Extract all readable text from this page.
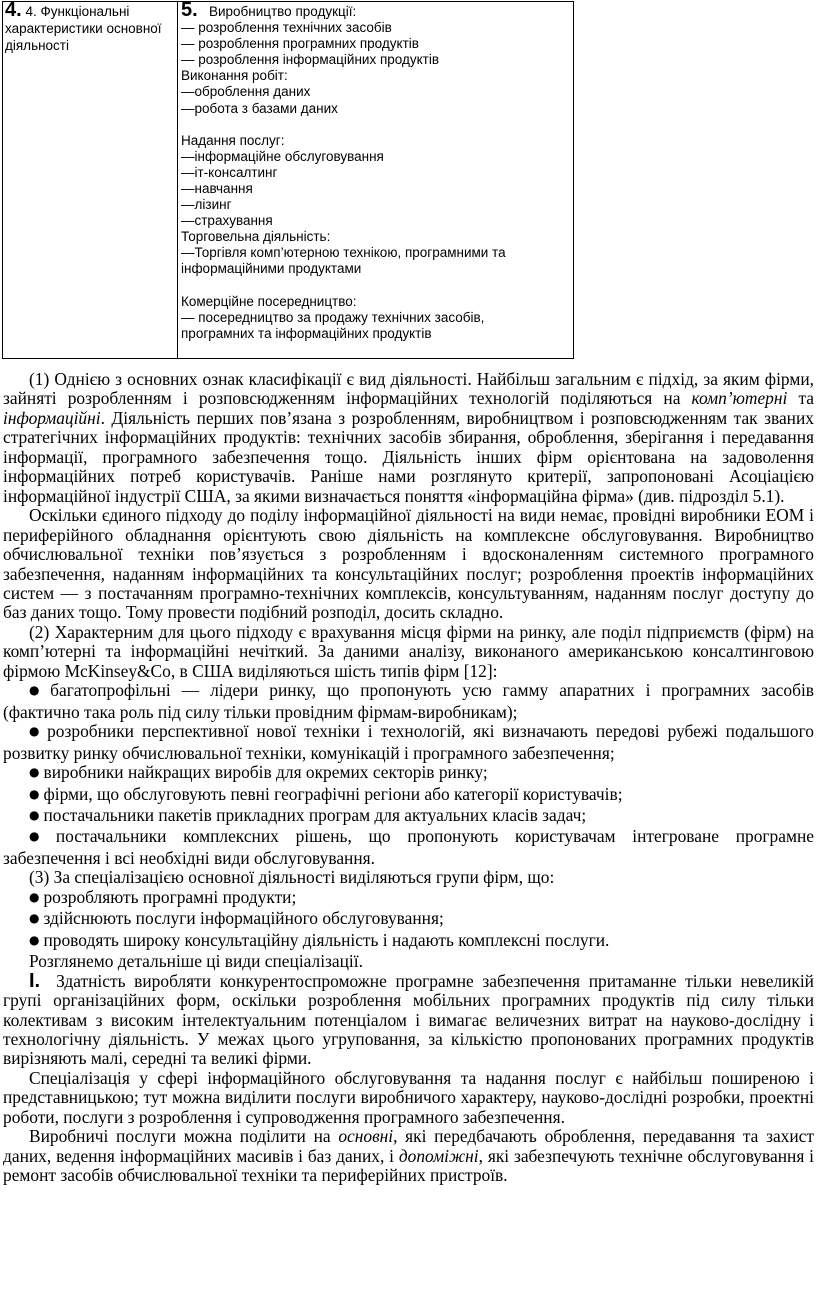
4. 4. Функціональні характеристики основної діяльності
5. Виробництво продукції:
— розроблення технічних засобів
— розроблення програмних продуктів
— розроблення інформаційних продуктів
Виконання робіт:
—оброблення даних
—робота з базами даних
Надання послуг:
—інформаційне обслуговування
—іт-консалтинг
—навчання
—лізинг
—страхування
Торговельна діяльність:
—Торгівля комп’ютерною технікою, програмними та
інформаційними продуктами
Комерційне посередництво:
— посередництво за продажу технічних засобів,
програмних та інформаційних продуктів

(1) Однією з основних ознак класифікації є вид діяльності. Найбільш загальним є підхід, за яким фірми, зайняті розробленням і розповсюдженням інформаційних технологій поділяються на комп’ютерні та інформаційні. Діяльність перших пов’язана з розробленням, виробництвом і розповсюдженням так званих стратегічних інформаційних продуктів: технічних засобів збирання, оброблення, зберігання і передавання інформації, програмного забезпечення тощо. Діяльність інших фірм орієнтована на задоволення інформаційних потреб користувачів. Раніше нами розглянуто критерії, запропоновані Асоціацією інформаційної індустрії США, за якими визначається поняття «інформаційна фірма» (див. підрозділ 5.1).

Оскільки єдиного підходу до поділу інформаційної діяльності на види немає, провідні виробники ЕОМ і периферійного обладнання орієнтують свою діяльність на комплексне обслуговування. Виробництво обчислювальної техніки пов’язується з розробленням і вдосконаленням системного програмного забезпечення, наданням інформаційних та консультаційних послуг; розроблення проектів інформаційних систем — з постачанням програмно-технічних комплексів, консультуванням, наданням послуг доступу до баз даних тощо. Тому провести подібний розподіл, досить складно.

(2) Характерним для цього підходу є врахування місця фірми на ринку, але поділ підприємств (фірм) на комп’ютерні та інформаційні нечіткий. За даними аналізу, виконаного американською консалтинговою фірмою McKinsey&Co, в США виділяються шість типів фірм [12]:

● багатопрофільні — лідери ринку, що пропонують усю гамму апаратних і програмних засобів (фактично така роль під силу тільки провідним фірмам-виробникам);

● розробники перспективної нової техніки і технологій, які визначають передові рубежі подальшого розвитку ринку обчислювальної техніки, комунікацій і програмного забезпечення;

● виробники найкращих виробів для окремих секторів ринку;

● фірми, що обслуговують певні географічні регіони або категорії користувачів;

● постачальники пакетів прикладних програм для актуальних класів задач;

● постачальники комплексних рішень, що пропонують користувачам інтегроване програмне забезпечення і всі необхідні види обслуговування.

(3) За спеціалізацією основної діяльності виділяються групи фірм, що:

● розробляють програмні продукти;

● здійснюють послуги інформаційного обслуговування;

● проводять широку консультаційну діяльність і надають комплексні послуги.

Розглянемо детальніше ці види спеціалізації.

I. Здатність виробляти конкурентоспроможне програмне забезпечення притаманне тільки невеликій групі організаційних форм, оскільки розроблення мобільних програмних продуктів під силу тільки колективам з високим інтелектуальним потенціалом і вимагає величезних витрат на науково-дослідну і технологічну діяльність. У межах цього угруповання, за кількістю пропонованих програмних продуктів вирізняють малі, середні та великі фірми.

Спеціалізація у сфері інформаційного обслуговування та надання послуг є найбільш поширеною і представницькою; тут можна виділити послуги виробничого характеру, науково-дослідні розробки, проектні роботи, послуги з розроблення і супроводження програмного забезпечення.

Виробничі послуги можна поділити на основні, які передбачають оброблення, передавання та захист даних, ведення інформаційних масивів і баз даних, і допоміжні, які забезпечують технічне обслуговування і ремонт засобів обчислювальної техніки та периферійних пристроїв.
